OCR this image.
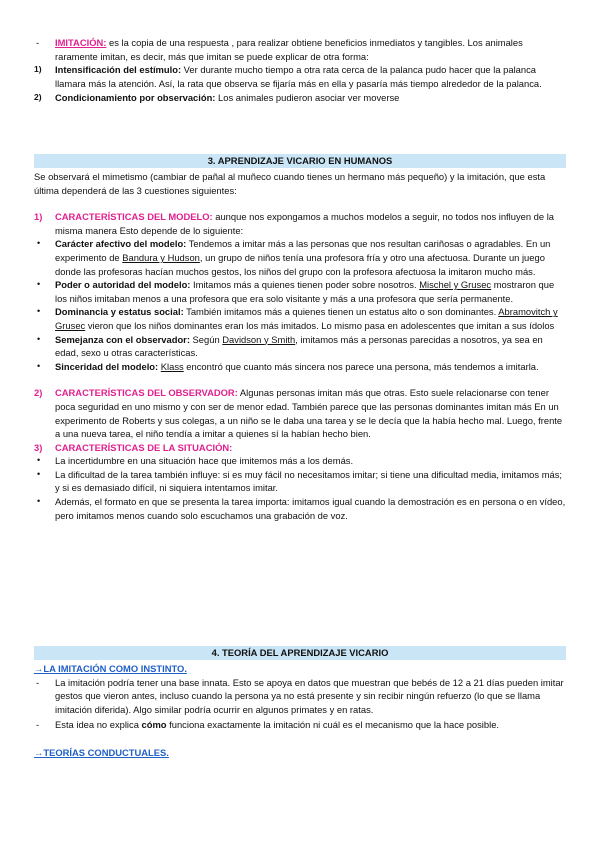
- IMITACIÓN: es la copia de una respuesta , para realizar obtiene beneficios inmediatos y tangibles. Los animales raramente imitan, es decir, más que imitan se puede explicar de otra forma:
1) Intensificación del estímulo: Ver durante mucho tiempo a otra rata cerca de la palanca pudo hacer que la palanca llamara más la atención. Así, la rata que observa se fijaría más en ella y pasaría más tiempo alrededor de la palanca.
2) Condicionamiento por observación: Los animales pudieron asociar ver moverse
3. APRENDIZAJE VICARIO EN HUMANOS
Se observará el mimetismo (cambiar de pañal al muñeco cuando tienes un hermano más pequeño) y la imitación, que esta última dependerá de las 3 cuestiones siguientes:
1) CARACTERÍSTICAS DEL MODELO: aunque nos expongamos a muchos modelos a seguir, no todos nos influyen de la misma manera Esto depende de lo siguiente:
• Carácter afectivo del modelo: Tendemos a imitar más a las personas que nos resultan cariñosas o agradables. En un experimento de Bandura y Hudson, un grupo de niños tenía una profesora fría y otro una afectuosa. Durante un juego donde las profesoras hacían muchos gestos, los niños del grupo con la profesora afectuosa la imitaron mucho más.
• Poder o autoridad del modelo: Imitamos más a quienes tienen poder sobre nosotros. Mischel y Grusec mostraron que los niños imitaban menos a una profesora que era solo visitante y más a una profesora que sería permanente.
• Dominancia y estatus social: También imitamos más a quienes tienen un estatus alto o son dominantes. Abramovitch y Grusec vieron que los niños dominantes eran los más imitados. Lo mismo pasa en adolescentes que imitan a sus ídolos
• Semejanza con el observador: Según Davidson y Smith, imitamos más a personas parecidas a nosotros, ya sea en edad, sexo u otras características.
• Sinceridad del modelo: Klass encontró que cuanto más sincera nos parece una persona, más tendemos a imitarla.
2) CARACTERÍSTICAS DEL OBSERVADOR: Algunas personas imitan más que otras. Esto suele relacionarse con tener poca seguridad en uno mismo y con ser de menor edad. También parece que las personas dominantes imitan más En un experimento de Roberts y sus colegas, a un niño se le daba una tarea y se le decía que la había hecho mal. Luego, frente a una nueva tarea, el niño tendía a imitar a quienes sí la habían hecho bien.
3) CARACTERÍSTICAS DE LA SITUACIÓN:
• La incertidumbre en una situación hace que imitemos más a los demás.
• La dificultad de la tarea también influye: si es muy fácil no necesitamos imitar; si tiene una dificultad media, imitamos más; y si es demasiado difícil, ni siquiera intentamos imitar.
• Además, el formato en que se presenta la tarea importa: imitamos igual cuando la demostración es en persona o en vídeo, pero imitamos menos cuando solo escuchamos una grabación de voz.
4. TEORÍA DEL APRENDIZAJE VICARIO
→LA IMITACIÓN COMO INSTINTO.
- La imitación podría tener una base innata. Esto se apoya en datos que muestran que bebés de 12 a 21 días pueden imitar gestos que vieron antes, incluso cuando la persona ya no está presente y sin recibir ningún refuerzo (lo que se llama imitación diferida). Algo similar podría ocurrir en algunos primates y en ratas.
- Esta idea no explica cómo funciona exactamente la imitación ni cuál es el mecanismo que la hace posible.
→TEORÍAS CONDUCTUALES.
